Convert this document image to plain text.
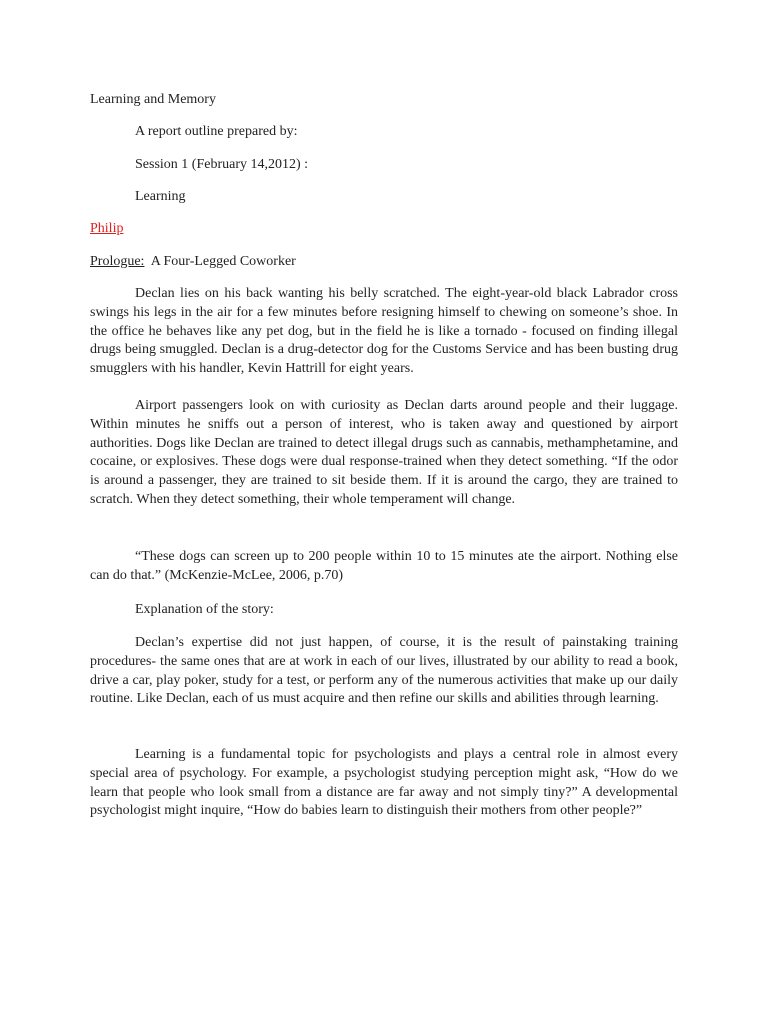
Learning and Memory
A report outline prepared by:
Session 1 (February 14,2012) :
Learning
Philip
Prologue: A Four-Legged Coworker

Declan lies on his back wanting his belly scratched. The eight-year-old black Labrador cross swings his legs in the air for a few minutes before resigning himself to chewing on someone’s shoe. In the office he behaves like any pet dog, but in the field he is like a tornado - focused on finding illegal drugs being smuggled. Declan is a drug-detector dog for the Customs Service and has been busting drug smugglers with his handler, Kevin Hattrill for eight years.

Airport passengers look on with curiosity as Declan darts around people and their luggage. Within minutes he sniffs out a person of interest, who is taken away and questioned by airport authorities. Dogs like Declan are trained to detect illegal drugs such as cannabis, methamphetamine, and cocaine, or explosives. These dogs were dual response-trained when they detect something. “If the odor is around a passenger, they are trained to sit beside them. If it is around the cargo, they are trained to scratch. When they detect something, their whole temperament will change.

“These dogs can screen up to 200 people within 10 to 15 minutes ate the airport. Nothing else can do that.” (McKenzie-McLee, 2006, p.70)

Explanation of the story:

Declan’s expertise did not just happen, of course, it is the result of painstaking training procedures- the same ones that are at work in each of our lives, illustrated by our ability to read a book, drive a car, play poker, study for a test, or perform any of the numerous activities that make up our daily routine. Like Declan, each of us must acquire and then refine our skills and abilities through learning.

Learning is a fundamental topic for psychologists and plays a central role in almost every special area of psychology. For example, a psychologist studying perception might ask, “How do we learn that people who look small from a distance are far away and not simply tiny?” A developmental psychologist might inquire, “How do babies learn to distinguish their mothers from other people?”
